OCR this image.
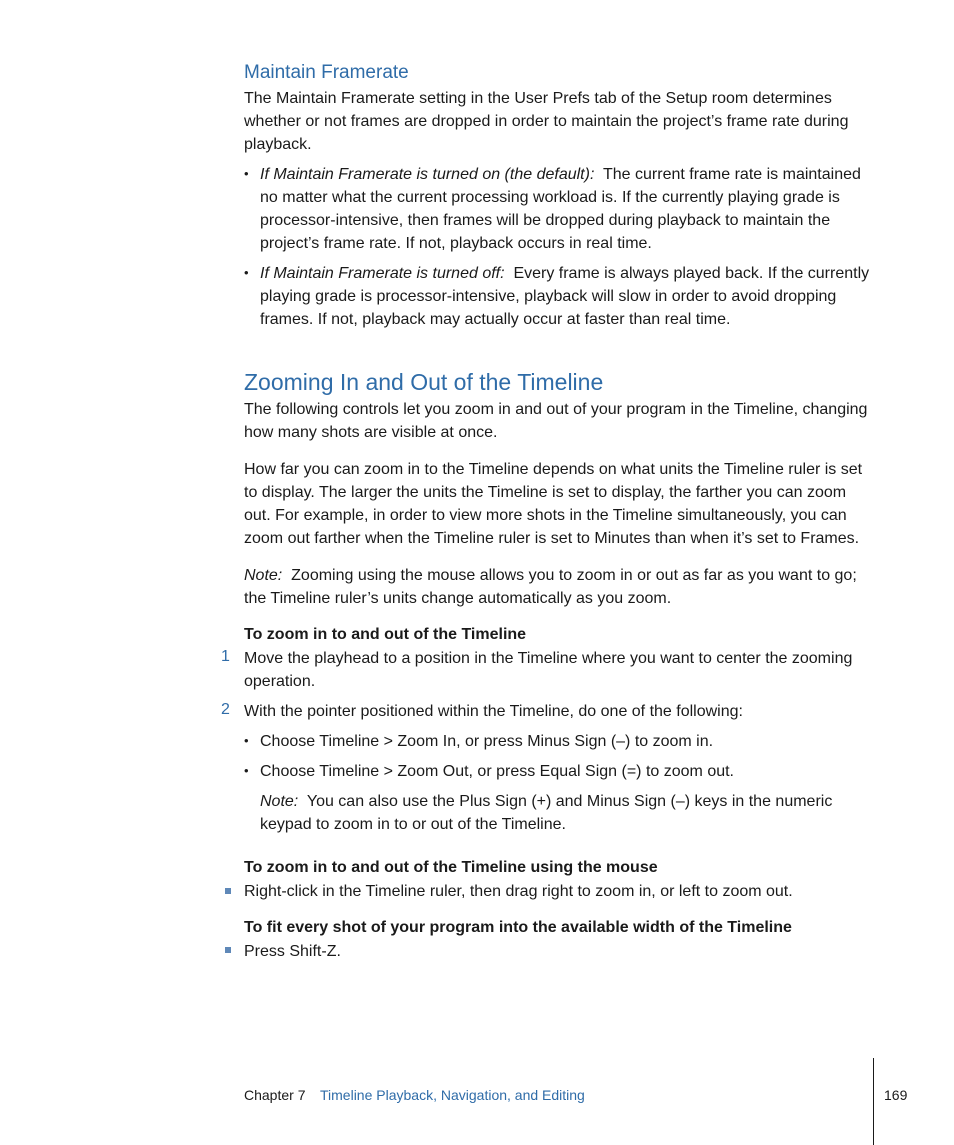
Maintain Framerate
The Maintain Framerate setting in the User Prefs tab of the Setup room determines whether or not frames are dropped in order to maintain the project’s frame rate during playback.
• If Maintain Framerate is turned on (the default): The current frame rate is maintained no matter what the current processing workload is. If the currently playing grade is processor-intensive, then frames will be dropped during playback to maintain the project’s frame rate. If not, playback occurs in real time.
• If Maintain Framerate is turned off: Every frame is always played back. If the currently playing grade is processor-intensive, playback will slow in order to avoid dropping frames. If not, playback may actually occur at faster than real time.
Zooming In and Out of the Timeline
The following controls let you zoom in and out of your program in the Timeline, changing how many shots are visible at once.
How far you can zoom in to the Timeline depends on what units the Timeline ruler is set to display. The larger the units the Timeline is set to display, the farther you can zoom out. For example, in order to view more shots in the Timeline simultaneously, you can zoom out farther when the Timeline ruler is set to Minutes than when it’s set to Frames.
Note: Zooming using the mouse allows you to zoom in or out as far as you want to go; the Timeline ruler’s units change automatically as you zoom.
To zoom in to and out of the Timeline
1 Move the playhead to a position in the Timeline where you want to center the zooming operation.
2 With the pointer positioned within the Timeline, do one of the following:
• Choose Timeline > Zoom In, or press Minus Sign (–) to zoom in.
• Choose Timeline > Zoom Out, or press Equal Sign (=) to zoom out.
Note: You can also use the Plus Sign (+) and Minus Sign (–) keys in the numeric keypad to zoom in to or out of the Timeline.
To zoom in to and out of the Timeline using the mouse
Right-click in the Timeline ruler, then drag right to zoom in, or left to zoom out.
To fit every shot of your program into the available width of the Timeline
Press Shift-Z.
Chapter 7 Timeline Playback, Navigation, and Editing	169
